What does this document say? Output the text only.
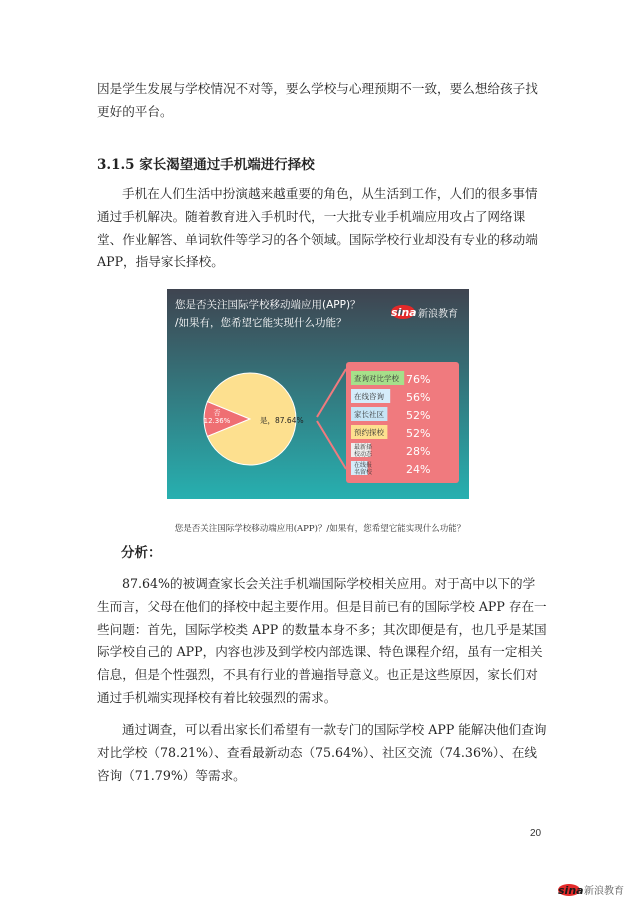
因是学生发展与学校情况不对等，要么学校与心理预期不一致，要么想给孩子找更好的平台。

3.1.5 家长渴望通过手机端进行择校

手机在人们生活中扮演越来越重要的角色，从生活到工作，人们的很多事情通过手机解决。随着教育进入手机时代，一大批专业手机端应用攻占了网络课堂、作业解答、单词软件等学习的各个领域。国际学校行业却没有专业的移动端 APP，指导家长择校。

您是否关注国际学校移动端应用(APP)？
/如果有，您希望它能实现什么功能？
sina 新浪教育
是，87.64%
否 12.36%
查询对比学校 76%
在线咨询 56%
家长社区 52%
预约探校 52%
最新择校动态	28%
在线报名留校	24%

您是否关注国际学校移动端应用(APP)？/如果有，您希望它能实现什么功能？

分析：

87.64%的被调查家长会关注手机端国际学校相关应用。对于高中以下的学生而言，父母在他们的择校中起主要作用。但是目前已有的国际学校 APP 存在一些问题：首先，国际学校类 APP 的数量本身不多；其次即便是有，也几乎是某国际学校自己的 APP，内容也涉及到学校内部选课、特色课程介绍，虽有一定相关信息，但是个性强烈，不具有行业的普遍指导意义。也正是这些原因，家长们对通过手机端实现择校有着比较强烈的需求。

通过调查，可以看出家长们希望有一款专门的国际学校 APP 能解决他们查询对比学校（78.21%）、查看最新动态（75.64%）、社区交流（74.36%）、在线咨询（71.79%）等需求。

20
sina 新浪教育
